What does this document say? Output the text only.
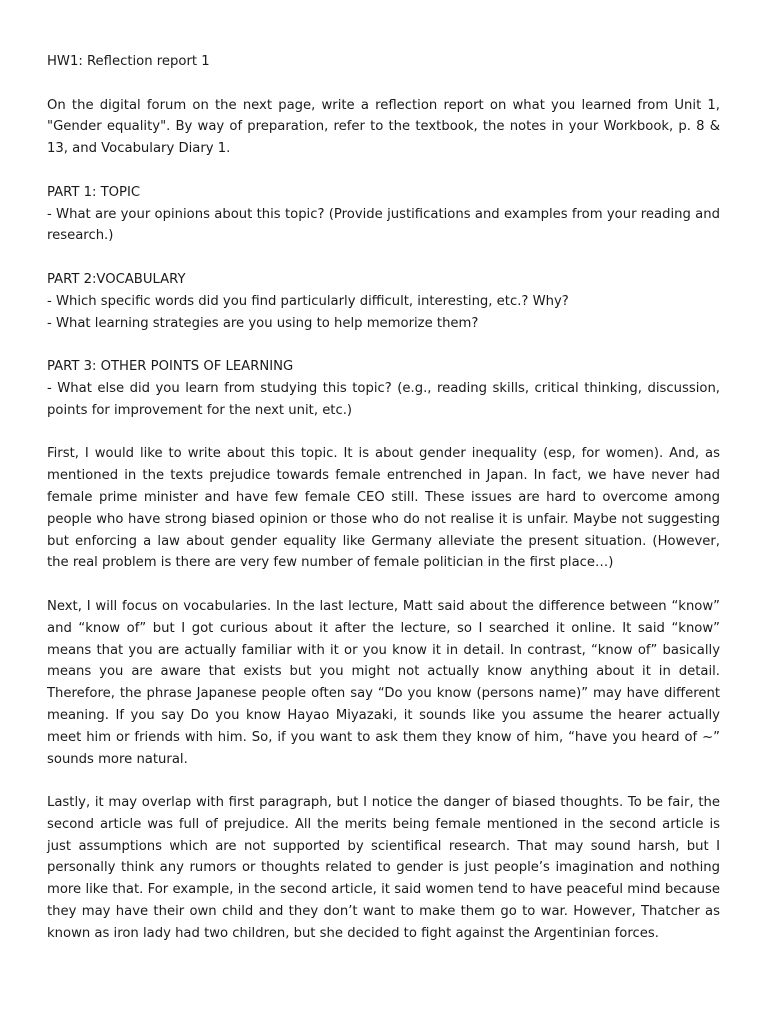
HW1: Reflection report 1

On the digital forum on the next page, write a reflection report on what you learned from Unit 1, "Gender equality". By way of preparation, refer to the textbook, the notes in your Workbook, p. 8 & 13, and Vocabulary Diary 1.

PART 1: TOPIC
- What are your opinions about this topic? (Provide justifications and examples from your reading and research.)
PART 2:VOCABULARY
- Which specific words did you find particularly difficult, interesting, etc.? Why?
- What learning strategies are you using to help memorize them?
PART 3: OTHER POINTS OF LEARNING
- What else did you learn from studying this topic? (e.g., reading skills, critical thinking, discussion, points for improvement for the next unit, etc.)

First, I would like to write about this topic. It is about gender inequality (esp, for women). And, as mentioned in the texts prejudice towards female entrenched in Japan. In fact, we have never had female prime minister and have few female CEO still. These issues are hard to overcome among people who have strong biased opinion or those who do not realise it is unfair. Maybe not suggesting but enforcing a law about gender equality like Germany alleviate the present situation. (However, the real problem is there are very few number of female politician in the first place…)

Next, I will focus on vocabularies. In the last lecture, Matt said about the difference between “know” and “know of” but I got curious about it after the lecture, so I searched it online. It said “know” means that you are actually familiar with it or you know it in detail. In contrast, “know of” basically means you are aware that exists but you might not actually know anything about it in detail. Therefore, the phrase Japanese people often say “Do you know (persons name)” may have different meaning. If you say Do you know Hayao Miyazaki, it sounds like you assume the hearer actually meet him or friends with him. So, if you want to ask them they know of him, “have you heard of ~” sounds more natural.

Lastly, it may overlap with first paragraph, but I notice the danger of biased thoughts. To be fair, the second article was full of prejudice. All the merits being female mentioned in the second article is just assumptions which are not supported by scientifical research. That may sound harsh, but I personally think any rumors or thoughts related to gender is just people’s imagination and nothing more like that. For example, in the second article, it said women tend to have peaceful mind because they may have their own child and they don’t want to make them go to war. However, Thatcher as known as iron lady had two children, but she decided to fight against the Argentinian forces.
